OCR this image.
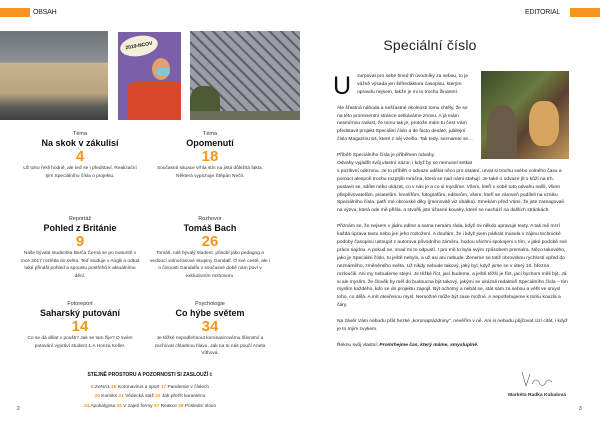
OBSAH
2019-NCOV
Téma
Na skok v zákulisí
4
Už toho řekli hodně, ale teď se i představí. Realizační tým Speciálního čísla o projektu.
Reportáž
Pohled z Británie
9
Naše bývalá studentka Barča Černá se po maturitě v roce 2017 rozlétla do světa. Teď studuje v Anglii a odtud také přináší pohled a spoustu postřehů k aktuálnímu dění.
Fotoreport
Saharský putování
14
Co se dá dělat v poušti? Jak se tam žije? O svém putování vypráví student 1.A Honza Keller.
Téma
Opomenutí
18
Současná situace vrhla stín na jistá důležitá fakta. Některá vypichuje Štěpán Nečil.
Rozhovor
Tomáš Bach
26
Tomáš, náš bývalý student, působí jako pedagog a vedoucí volnočasové skupiny Gandalf. O své cestě, ale i o činnosti Gandalfa v současné době nám poví v exkluzivním rozhovoru.
Psychologie
Co hýbe světem
34
Je těžké nepodlehnout koronavirovému šílenství a zachovat chladnou hlavu. Jak na to nás poučí Aneta Víthová.
STEJNĚ PROSTORU A POZORNOSTI SI ZASLOUŽÍ i:
6 ZeNA1 16 Koronavirus a sport 17 Pandemie v číslech
20 Komiks 21 Vědecká stáž 22 Jak přežít karanténu
24 Apokalypsa 32 V zajetí formy 37 Reakce 38 Poslední slovo
2
EDITORIAL
Speciální číslo

U zurpovat pro sebe hned tři úvodníky za sebou, to je vážně výsada jen šéfredaktora časopisu, kterým opravdu nejsem, takže je mi to trochu žinantní.

Ale šťastná náhoda a nešťastné okolnosti tomu chtěly, že se na této prominentní stránce setkáváme znovu. A já mám nesmírnou radost, že tomu tak je, protože mám tu čest Vám představit projekt Speciální číslo a de facto desáté, jubilejní číslo Magazínu 64, které z něj vzešlo. Tak tedy, seznamte se…

Příběh Speciálního čísla je příběhem odvahy.

Odvahy vyjádřit svůj vlastní názor, i když by se nemusel setkat s pozitivní odezvou. Je to příběh o odvaze udělat něco pro ostatní, urvat si trochu svého volného času a pomoct alespoň trochu rozptýlit mračna, která se nad námi stahují. Je také o odvaze jít s kůží na trh, postavit se, sdílet nebo ukázat, co v nás je a co si myslíme. Všem, kteří v sobě tuto odvahu našli, všem přispěvovatelům, pisatelům, kreslířům, fotografům, editorům, všem, kteří se zároveň podíleli na vzniku Speciálního čísla, patří mé obrovské díky (jmenovitě viz obálka). Smekám před Vámi, že jste zareagovali na výzvu, která ode mě přišla, a stvořili jste úžasné kousky, které se nachází na dalších stránkách.

Přiznám se, že nejsem v jádru editor a sama nemám ráda, když mi někdo upravuje texty. A tak mě mrzí každá úprava textu nebo jen jeho rozložení. A doufám, že i když jsem párkrát musela v zájmu technické podoby časopisu ustoupit z autorova původního záměru, budou všichni spokojeni s tím, v jaké podobě své práce najdou. A pokud ne, snad mi to odpustí. I pro mě to byla svým způsobem premiéra. Něco takového, jako je Speciální číslo, tu ještě nebylo, a už asi ani nebude. Ženeme se totiž obrovskou rychlostí vpřed do neznámého, změněného světa. Už nikdy nebude takový, jaký byl, když jsme se v úterý 10. března rozloučili. Ani my nebudeme stejní. Je těžké říct, jací budeme, a ještě těžší je říct, jací bychom měli být. Já si ale myslím, že člověk by měl do budoucna být takový, jakými se ukázali redaktoři Speciálního čísla – tím myslím každého, kdo se do projektu zapojil. Být ochotný a nebát se, stát sám za sebou a věřit ve smysl toho, co dělá. A mít otevřenou mysl. Nemožné může být zase možné. A nepotřebujeme k tomu kouzla a čáry.

Na závěr Vám nebudu přát hezké „koronaprázdniny“, nevěřím v ně. Ani si nebudu půjčovat cizí citát, i když je to mým zvykem.

Řeknu svůj vlastní: Promrhejme čas, který máme, smysluplně.

Markéta Radka Kubalová
3
